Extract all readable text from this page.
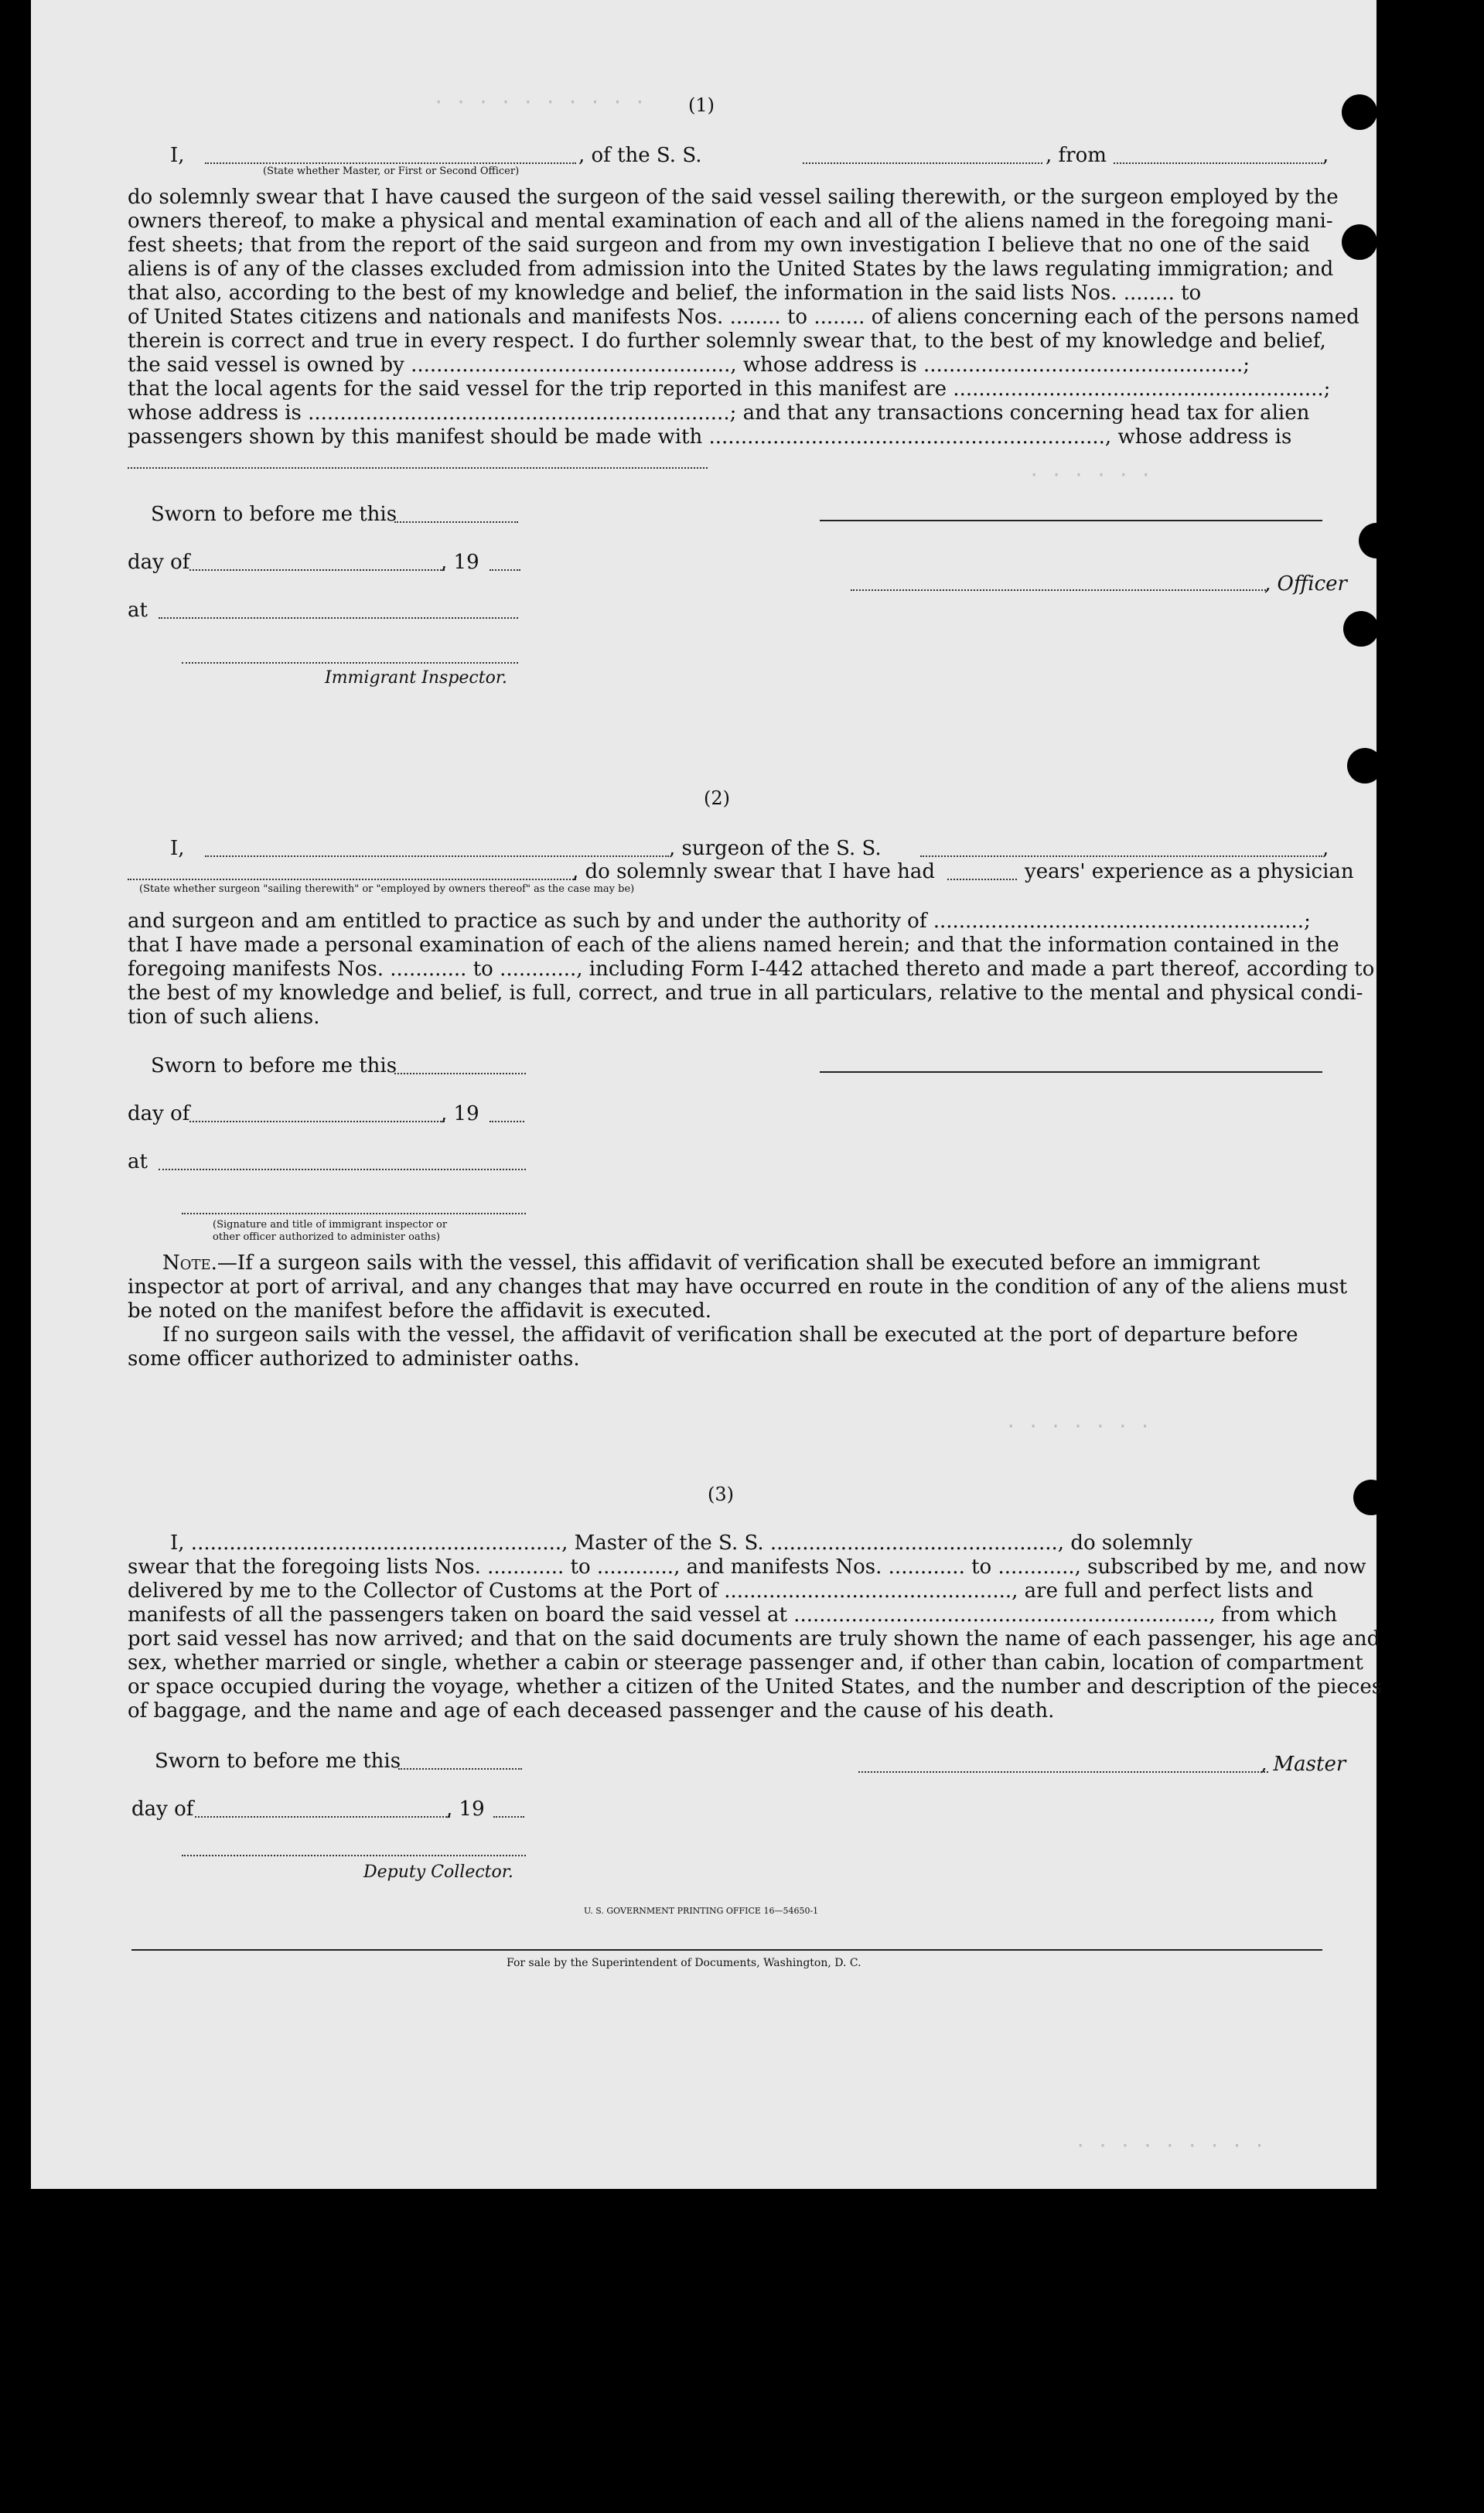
· · · · · · · · · ·
· · · · · ·
· · · · · · ·
· · · · · · · · ·
(1)
I,	, of the S. S.	, from	,
(State whether Master, or First or Second Officer)
do solemnly swear that I have caused the surgeon of the said vessel sailing therewith, or the surgeon employed by the
owners thereof, to make a physical and mental examination of each and all of the aliens named in the foregoing mani-
fest sheets; that from the report of the said surgeon and from my own investigation I believe that no one of the said
aliens is of any of the classes excluded from admission into the United States by the laws regulating immigration; and
that also, according to the best of my knowledge and belief, the information in the said lists Nos. ........ to
of United States citizens and nationals and manifests Nos. ........ to ........ of aliens concerning each of the persons named
therein is correct and true in every respect. I do further solemnly swear that, to the best of my knowledge and belief,
the said vessel is owned by .................................................., whose address is ..................................................;
that the local agents for the said vessel for the trip reported in this manifest are ..........................................................;
whose address is ..................................................................; and that any transactions concerning head tax for alien
passengers shown by this manifest should be made with .............................................................., whose address is
Sworn to before me this
day of	, 19
, Officer
at
Immigrant Inspector.
(2)
I,	, surgeon of the S. S.	,
, do solemnly swear that I have had	years' experience as a physician
(State whether surgeon "sailing therewith" or "employed by owners thereof" as the case may be)
and surgeon and am entitled to practice as such by and under the authority of ..........................................................;
that I have made a personal examination of each of the aliens named herein; and that the information contained in the
foregoing manifests Nos. ............ to ............, including Form I-442 attached thereto and made a part thereof, according to
the best of my knowledge and belief, is full, correct, and true in all particulars, relative to the mental and physical condi-
tion of such aliens.
Sworn to before me this
day of	, 19
at
(Signature and title of immigrant inspector or
other officer authorized to administer oaths)
Note.—If a surgeon sails with the vessel, this affidavit of verification shall be executed before an immigrant
inspector at port of arrival, and any changes that may have occurred en route in the condition of any of the aliens must
be noted on the manifest before the affidavit is executed.
If no surgeon sails with the vessel, the affidavit of verification shall be executed at the port of departure before
some officer authorized to administer oaths.
(3)
I, .........................................................., Master of the S. S. ............................................., do solemnly
swear that the foregoing lists Nos. ............ to ............, and manifests Nos. ............ to ............, subscribed by me, and now
delivered by me to the Collector of Customs at the Port of ............................................., are full and perfect lists and
manifests of all the passengers taken on board the said vessel at ................................................................., from which
port said vessel has now arrived; and that on the said documents are truly shown the name of each passenger, his age and
sex, whether married or single, whether a cabin or steerage passenger and, if other than cabin, location of compartment
or space occupied during the voyage, whether a citizen of the United States, and the number and description of the pieces
of baggage, and the name and age of each deceased passenger and the cause of his death.
Sworn to before me this	, Master
day of	, 19
Deputy Collector.
U. S. GOVERNMENT PRINTING OFFICE 16—54650-1
For sale by the Superintendent of Documents, Washington, D. C.
